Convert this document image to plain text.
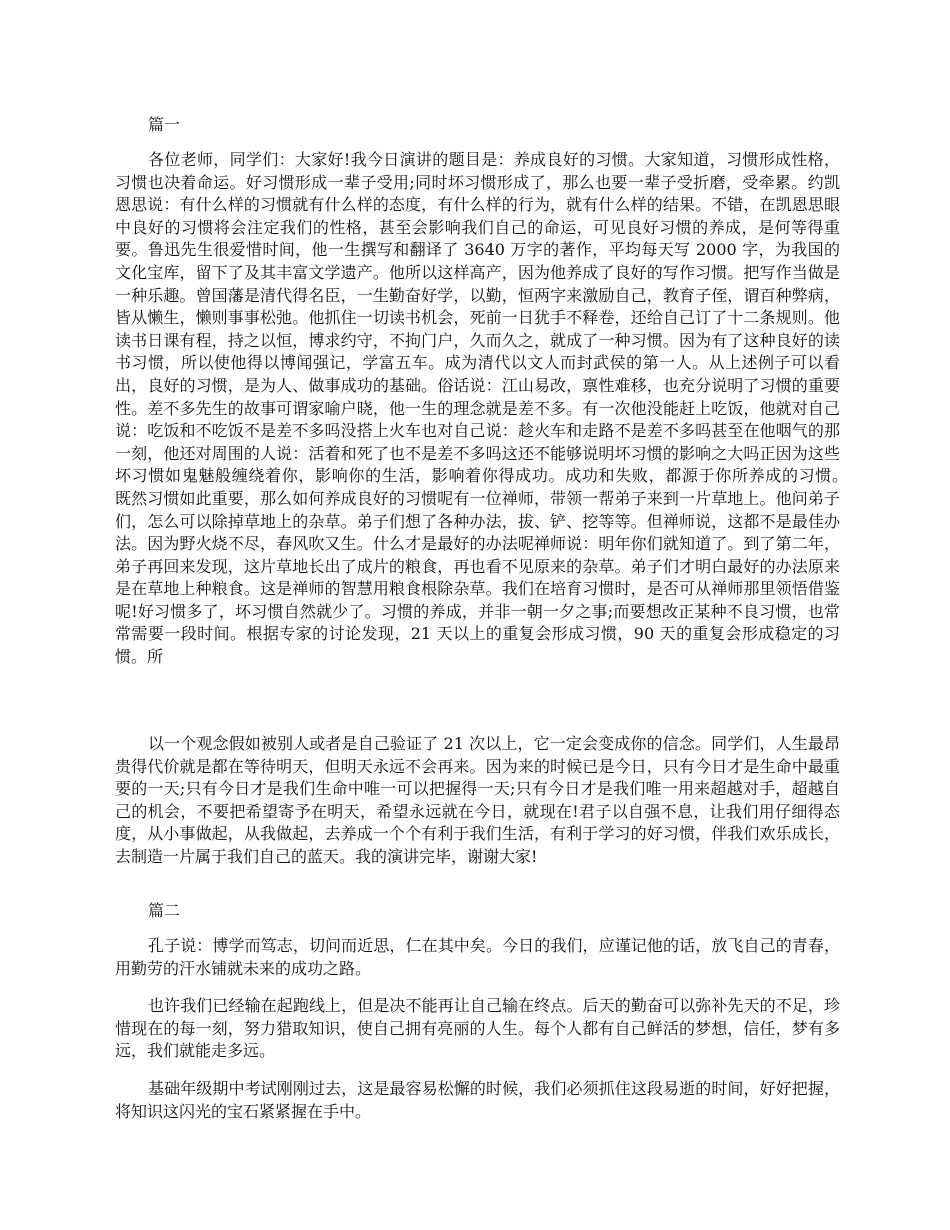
篇一

各位老师，同学们：大家好!我今日演讲的题目是：养成良好的习惯。大家知道，习惯形成性格，习惯也决着命运。好习惯形成一辈子受用;同时坏习惯形成了，那么也要一辈子受折磨，受牵累。约凯恩思说：有什么样的习惯就有什么样的态度，有什么样的行为，就有什么样的结果。不错，在凯恩思眼中良好的习惯将会注定我们的性格，甚至会影响我们自己的命运，可见良好习惯的养成，是何等得重要。鲁迅先生很爱惜时间，他一生撰写和翻译了 3640 万字的著作，平均每天写 2000 字，为我国的文化宝库，留下了及其丰富文学遗产。他所以这样高产，因为他养成了良好的写作习惯。把写作当做是一种乐趣。曾国藩是清代得名臣，一生勤奋好学，以勤，恒两字来激励自己，教育子侄，谓百种弊病，皆从懒生，懒则事事松弛。他抓住一切读书机会，死前一日犹手不释卷，还给自己订了十二条规则。他读书日课有程，持之以恒，博求约守，不拘门户，久而久之，就成了一种习惯。因为有了这种良好的读书习惯，所以使他得以博闻强记，学富五车。成为清代以文人而封武侯的第一人。从上述例子可以看出，良好的习惯，是为人、做事成功的基础。俗话说：江山易改，禀性难移，也充分说明了习惯的重要性。差不多先生的故事可谓家喻户晓，他一生的理念就是差不多。有一次他没能赶上吃饭，他就对自己说：吃饭和不吃饭不是差不多吗没搭上火车也对自己说：趁火车和走路不是差不多吗甚至在他咽气的那一刻，他还对周围的人说：活着和死了也不是差不多吗这还不能够说明坏习惯的影响之大吗正因为这些坏习惯如鬼魅般缠绕着你，影响你的生活，影响着你得成功。成功和失败，都源于你所养成的习惯。　既然习惯如此重要，那么如何养成良好的习惯呢有一位禅师，带领一帮弟子来到一片草地上。他问弟子们，怎么可以除掉草地上的杂草。弟子们想了各种办法，拔、铲、挖等等。但禅师说，这都不是最佳办法。因为野火烧不尽，春风吹又生。什么才是最好的办法呢禅师说：明年你们就知道了。到了第二年，弟子再回来发现，这片草地长出了成片的粮食，再也看不见原来的杂草。弟子们才明白最好的办法原来是在草地上种粮食。这是禅师的智慧用粮食根除杂草。我们在培育习惯时，是否可从禅师那里领悟借鉴呢!好习惯多了，坏习惯自然就少了。习惯的养成，并非一朝一夕之事;而要想改正某种不良习惯，也常常需要一段时间。根据专家的讨论发现，21 天以上的重复会形成习惯，90 天的重复会形成稳定的习惯。所

以一个观念假如被别人或者是自己验证了 21 次以上，它一定会变成你的信念。同学们，人生最昂贵得代价就是都在等待明天，但明天永远不会再来。因为来的时候已是今日，只有今日才是生命中最重要的一天;只有今日才是我们生命中唯一可以把握得一天;只有今日才是我们唯一用来超越对手，超越自己的机会，不要把希望寄予在明天，希望永远就在今日，就现在!君子以自强不息，让我们用仔细得态度，从小事做起，从我做起，去养成一个个有利于我们生活，有利于学习的好习惯，伴我们欢乐成长，去制造一片属于我们自己的蓝天。我的演讲完毕，谢谢大家!

篇二

孔子说：博学而笃志，切问而近思，仁在其中矣。今日的我们，应谨记他的话，放飞自己的青春，用勤劳的汗水铺就未来的成功之路。

也许我们已经输在起跑线上，但是决不能再让自己输在终点。后天的勤奋可以弥补先天的不足，珍惜现在的每一刻，努力猎取知识，使自己拥有亮丽的人生。每个人都有自己鲜活的梦想，信任，梦有多远，我们就能走多远。

基础年级期中考试刚刚过去，这是最容易松懈的时候，我们必须抓住这段易逝的时间，好好把握，将知识这闪光的宝石紧紧握在手中。
